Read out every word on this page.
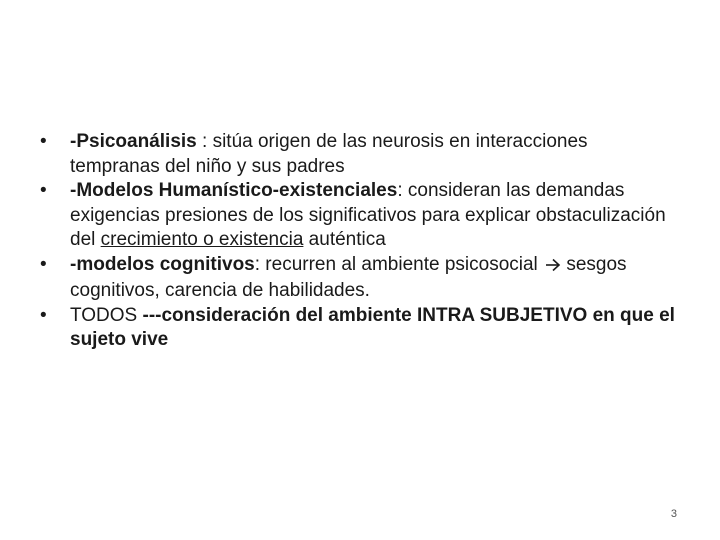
•	-Psicoanálisis : sitúa origen de las neurosis en interacciones tempranas del niño y sus padres
•	-Modelos Humanístico-existenciales: consideran las demandas exigencias presiones de los significativos para explicar obstaculización del crecimiento o existencia auténtica
•	-modelos cognitivos: recurren al ambiente psicosocial  sesgos cognitivos, carencia de habilidades.
•	TODOS ---consideración del ambiente INTRA SUBJETIVO en que el sujeto vive
3
